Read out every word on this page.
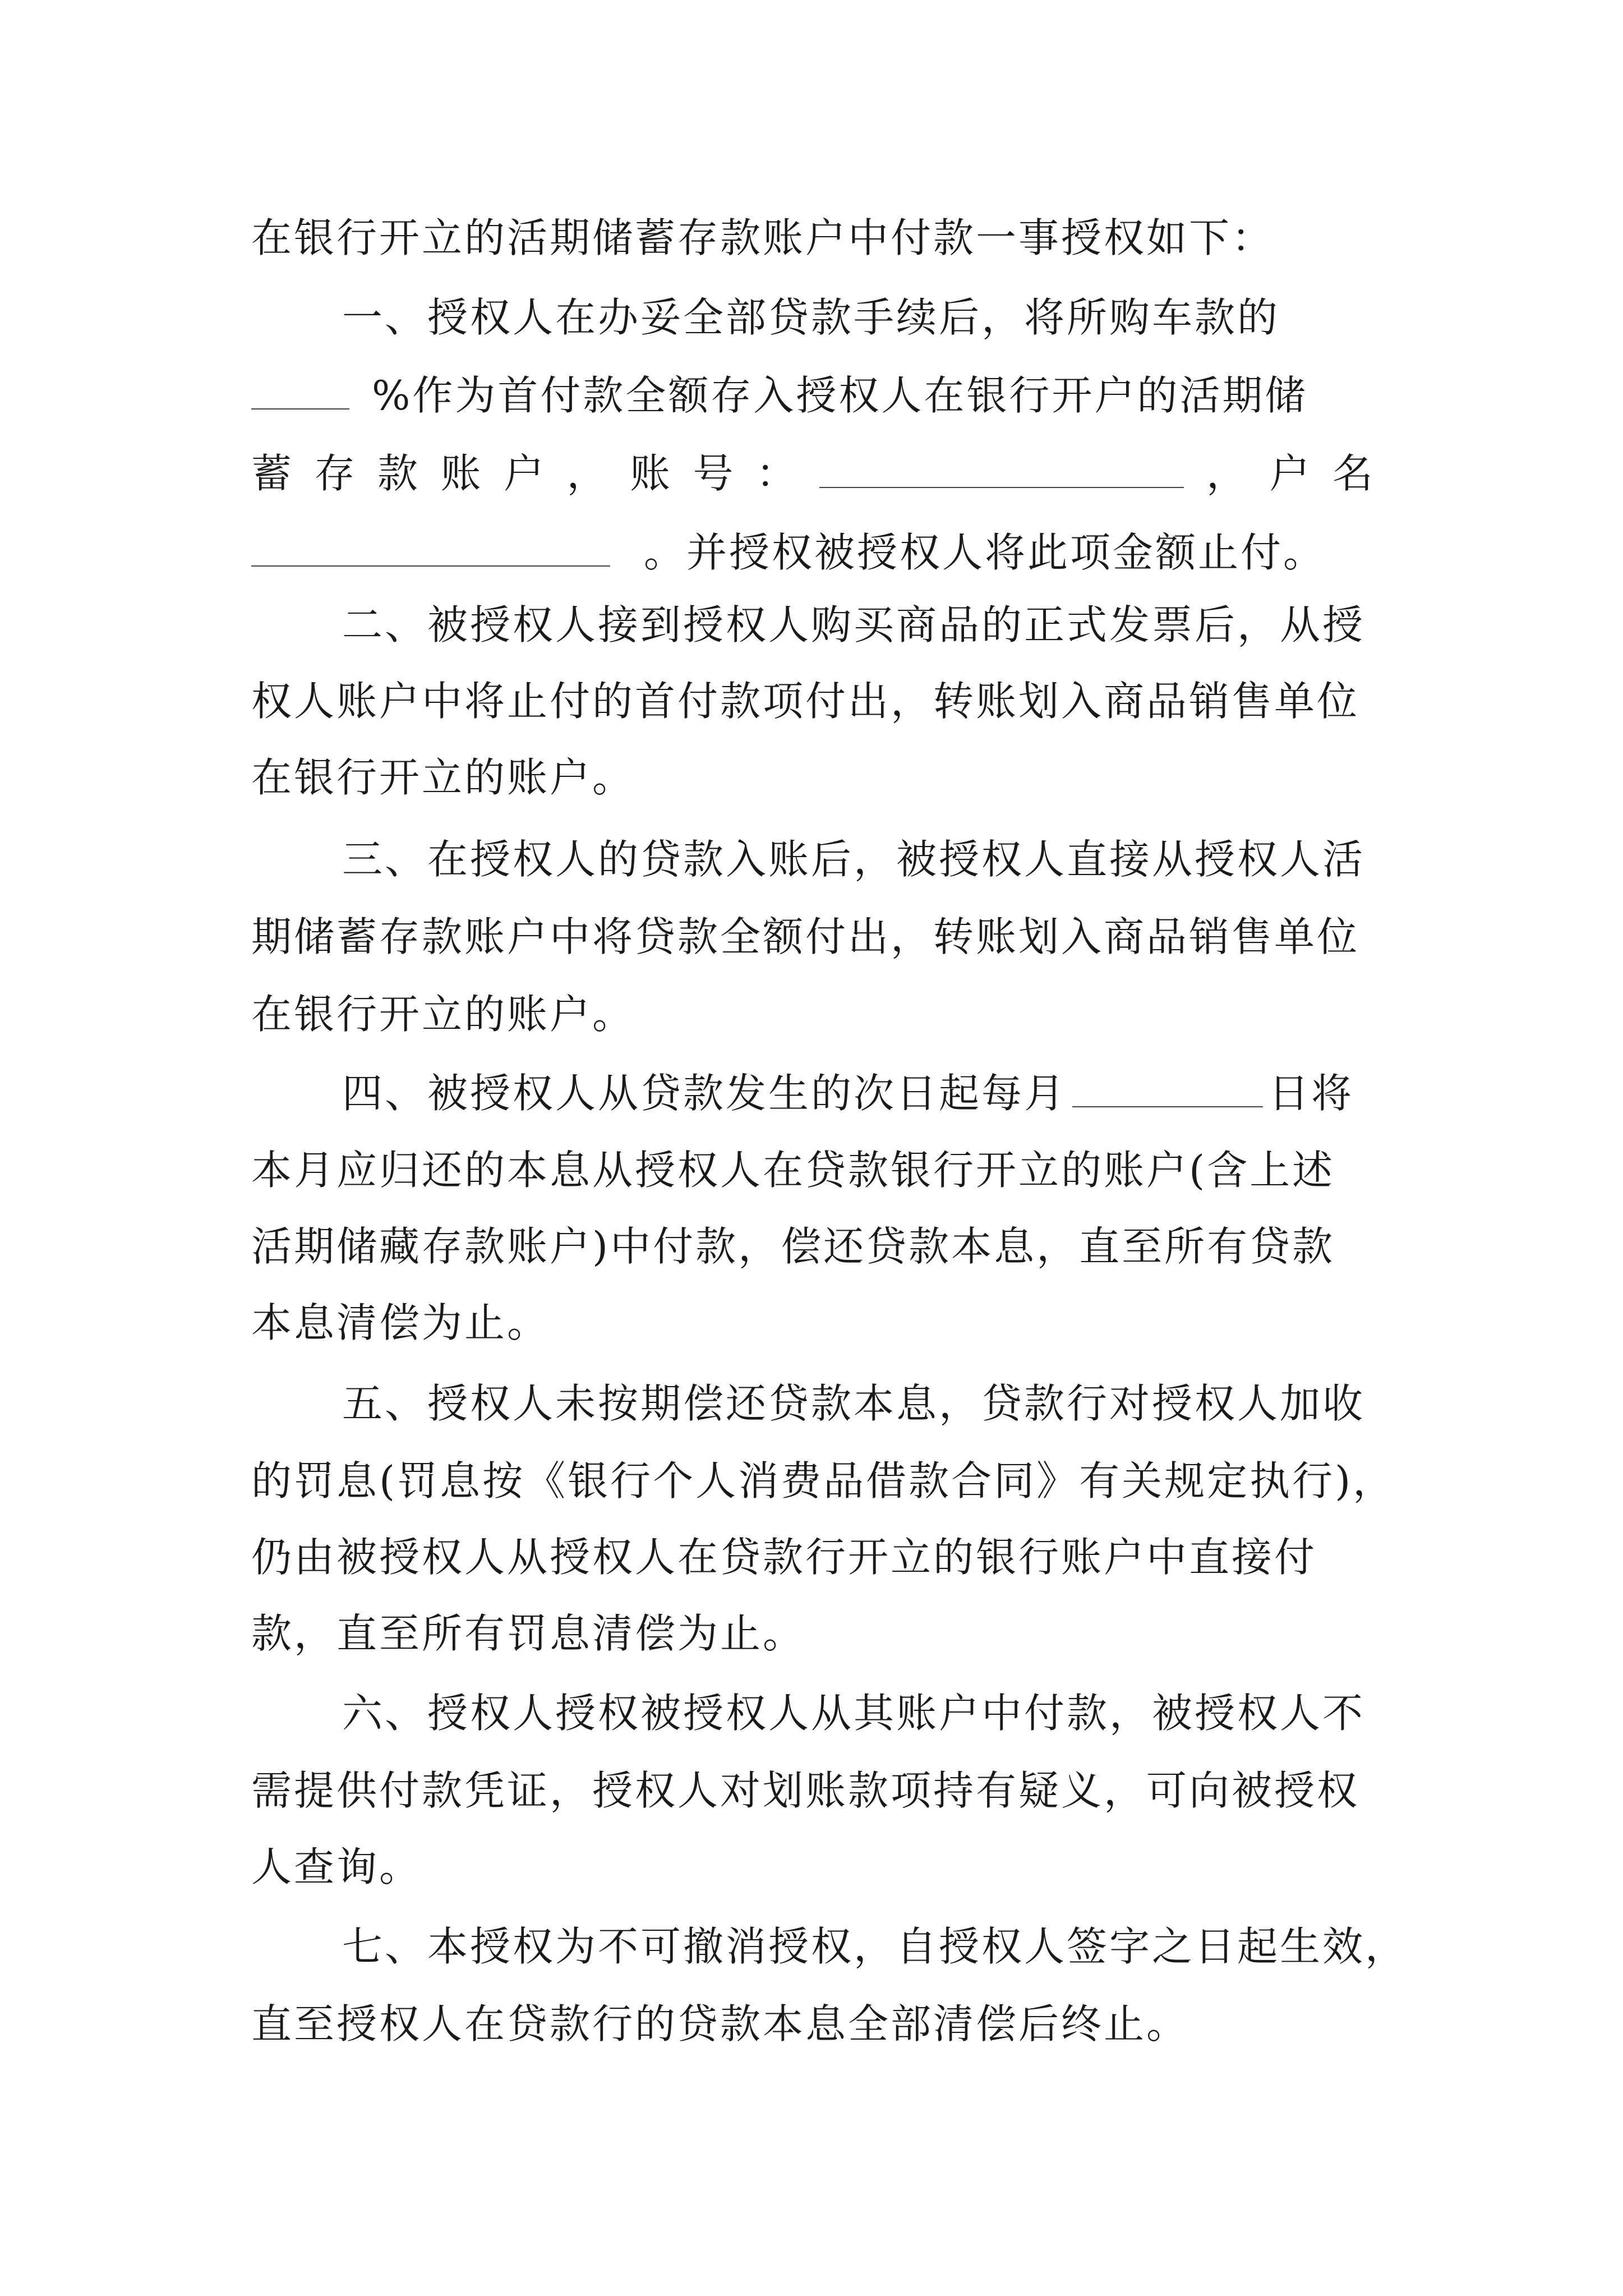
在银行开立的活期储蓄存款账户中付款一事授权如下：
一、授权人在办妥全部贷款手续后，将所购车款的
%作为首付款全额存入授权人在银行开户的活期储
蓄 存 款 账 户 ， 账 号 ：	， 户 名
。并授权被授权人将此项金额止付。
二、被授权人接到授权人购买商品的正式发票后，从授
权人账户中将止付的首付款项付出，转账划入商品销售单位
在银行开立的账户。
三、在授权人的贷款入账后，被授权人直接从授权人活
期储蓄存款账户中将贷款全额付出，转账划入商品销售单位
在银行开立的账户。
四、被授权人从贷款发生的次日起每月	日将
本月应归还的本息从授权人在贷款银行开立的账户(含上述
活期储藏存款账户)中付款，偿还贷款本息，直至所有贷款
本息清偿为止。
五、授权人未按期偿还贷款本息，贷款行对授权人加收
的罚息(罚息按《银行个人消费品借款合同》有关规定执行)，
仍由被授权人从授权人在贷款行开立的银行账户中直接付
款，直至所有罚息清偿为止。
六、授权人授权被授权人从其账户中付款，被授权人不
需提供付款凭证，授权人对划账款项持有疑义，可向被授权
人查询。
七、本授权为不可撤消授权，自授权人签字之日起生效，
直至授权人在贷款行的贷款本息全部清偿后终止。
